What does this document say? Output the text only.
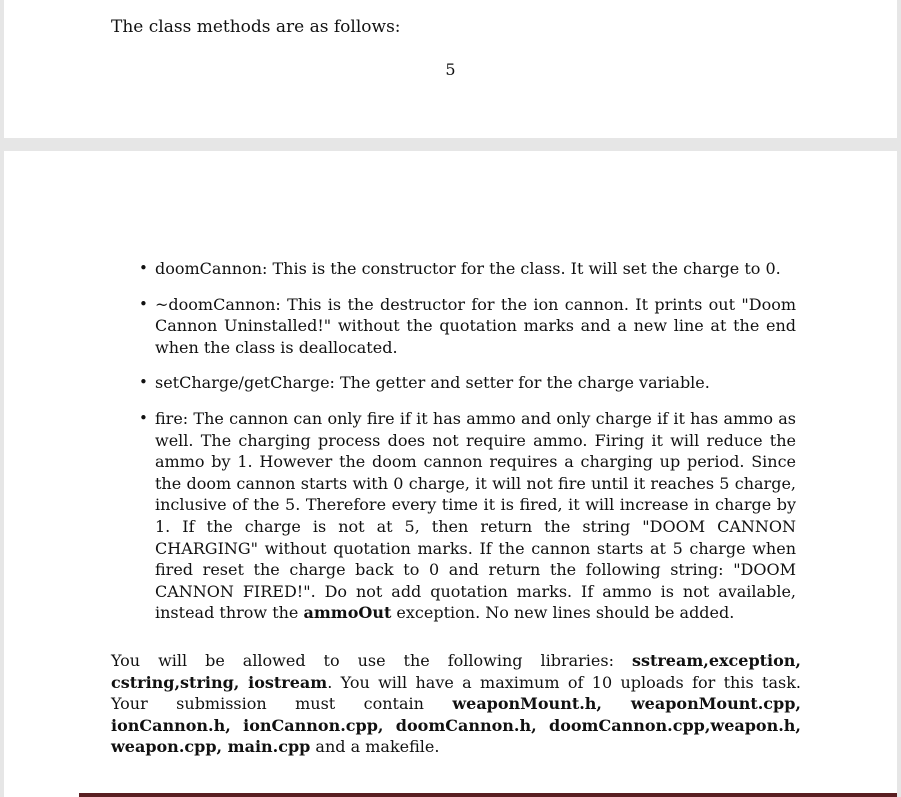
The class methods are as follows:

5

• doomCannon: This is the constructor for the class. It will set the charge to 0.
• ~doomCannon: This is the destructor for the ion cannon. It prints out "Doom Cannon Uninstalled!" without the quotation marks and a new line at the end when the class is deallocated.
• setCharge/getCharge: The getter and setter for the charge variable.
• fire: The cannon can only fire if it has ammo and only charge if it has ammo as well. The charging process does not require ammo. Firing it will reduce the ammo by 1. However the doom cannon requires a charging up period. Since the doom cannon starts with 0 charge, it will not fire until it reaches 5 charge, inclusive of the 5. Therefore every time it is fired, it will increase in charge by 1. If the charge is not at 5, then return the string "DOOM CANNON CHARGING" without quotation marks. If the cannon starts at 5 charge when fired reset the charge back to 0 and return the following string: "DOOM CANNON FIRED!". Do not add quotation marks. If ammo is not available, instead throw the ammoOut exception. No new lines should be added.

You will be allowed to use the following libraries: sstream,exception, cstring,string, iostream. You will have a maximum of 10 uploads for this task. Your submission must contain weaponMount.h, weaponMount.cpp, ionCannon.h, ionCannon.cpp, doomCannon.h, doomCannon.cpp,weapon.h, weapon.cpp, main.cpp and a makefile.
